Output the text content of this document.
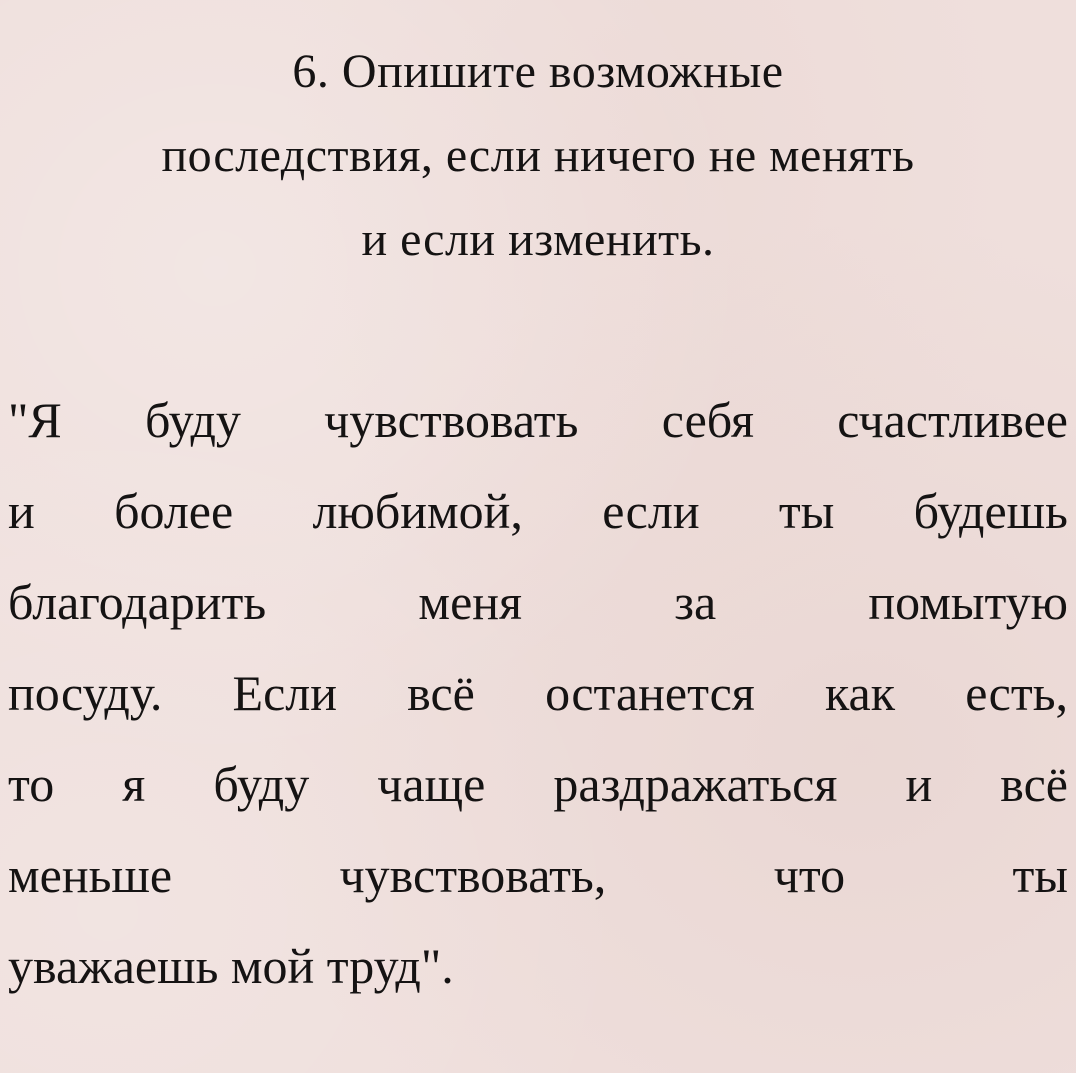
6. Опишите возможные
последствия, если ничего не менять
и если изменить.

"Я буду чувствовать себя счастливее
и более любимой, если ты будешь
благодарить меня за помытую
посуду. Если всё останется как есть,
то я буду чаще раздражаться и всё
меньше чувствовать, что ты
уважаешь мой труд".
